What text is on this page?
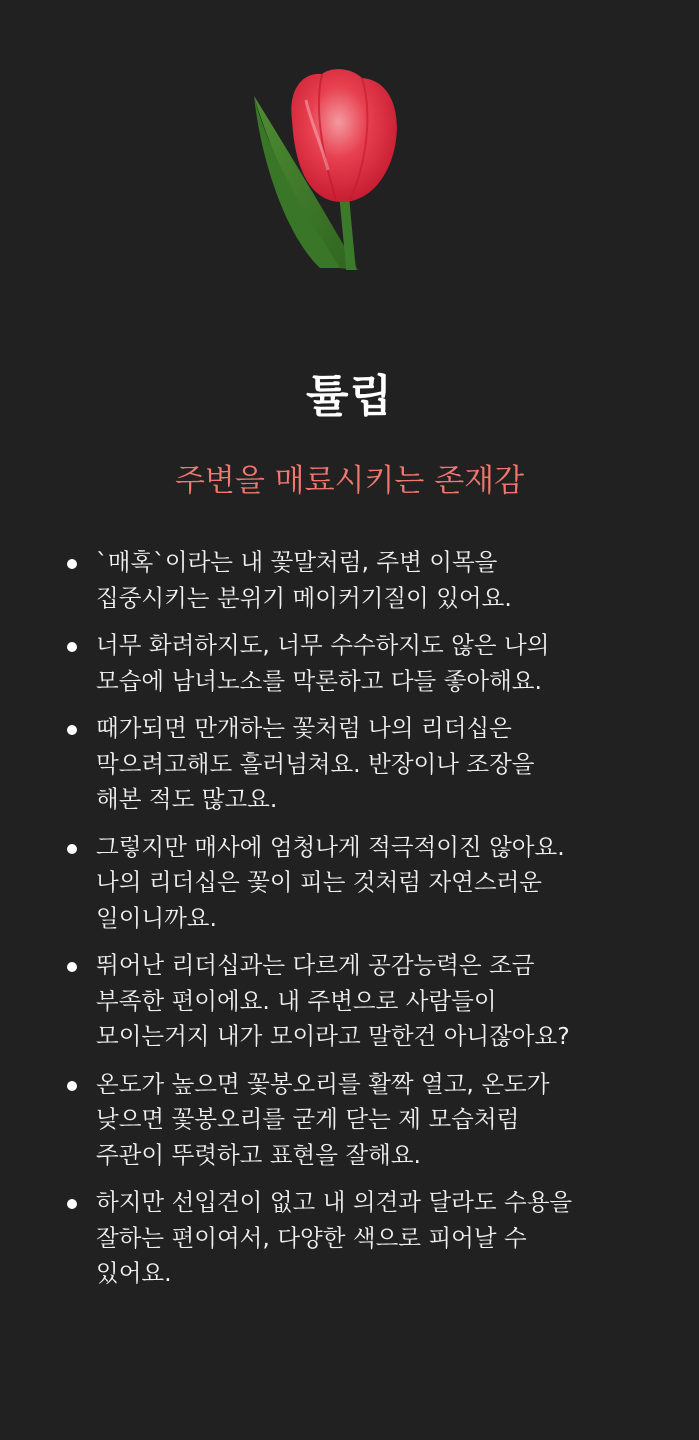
튤립
주변을 매료시키는 존재감
`매혹`이라는 내 꽃말처럼, 주변 이목을
집중시키는 분위기 메이커기질이 있어요.
너무 화려하지도, 너무 수수하지도 않은 나의
모습에 남녀노소를 막론하고 다들 좋아해요.
때가되면 만개하는 꽃처럼 나의 리더십은
막으려고해도 흘러넘쳐요. 반장이나 조장을
해본 적도 많고요.
그렇지만 매사에 엄청나게 적극적이진 않아요.
나의 리더십은 꽃이 피는 것처럼 자연스러운
일이니까요.
뛰어난 리더십과는 다르게 공감능력은 조금
부족한 편이에요. 내 주변으로 사람들이
모이는거지 내가 모이라고 말한건 아니잖아요?
온도가 높으면 꽃봉오리를 활짝 열고, 온도가
낮으면 꽃봉오리를 굳게 닫는 제 모습처럼
주관이 뚜렷하고 표현을 잘해요.
하지만 선입견이 없고 내 의견과 달라도 수용을
잘하는 편이여서, 다양한 색으로 피어날 수
있어요.
